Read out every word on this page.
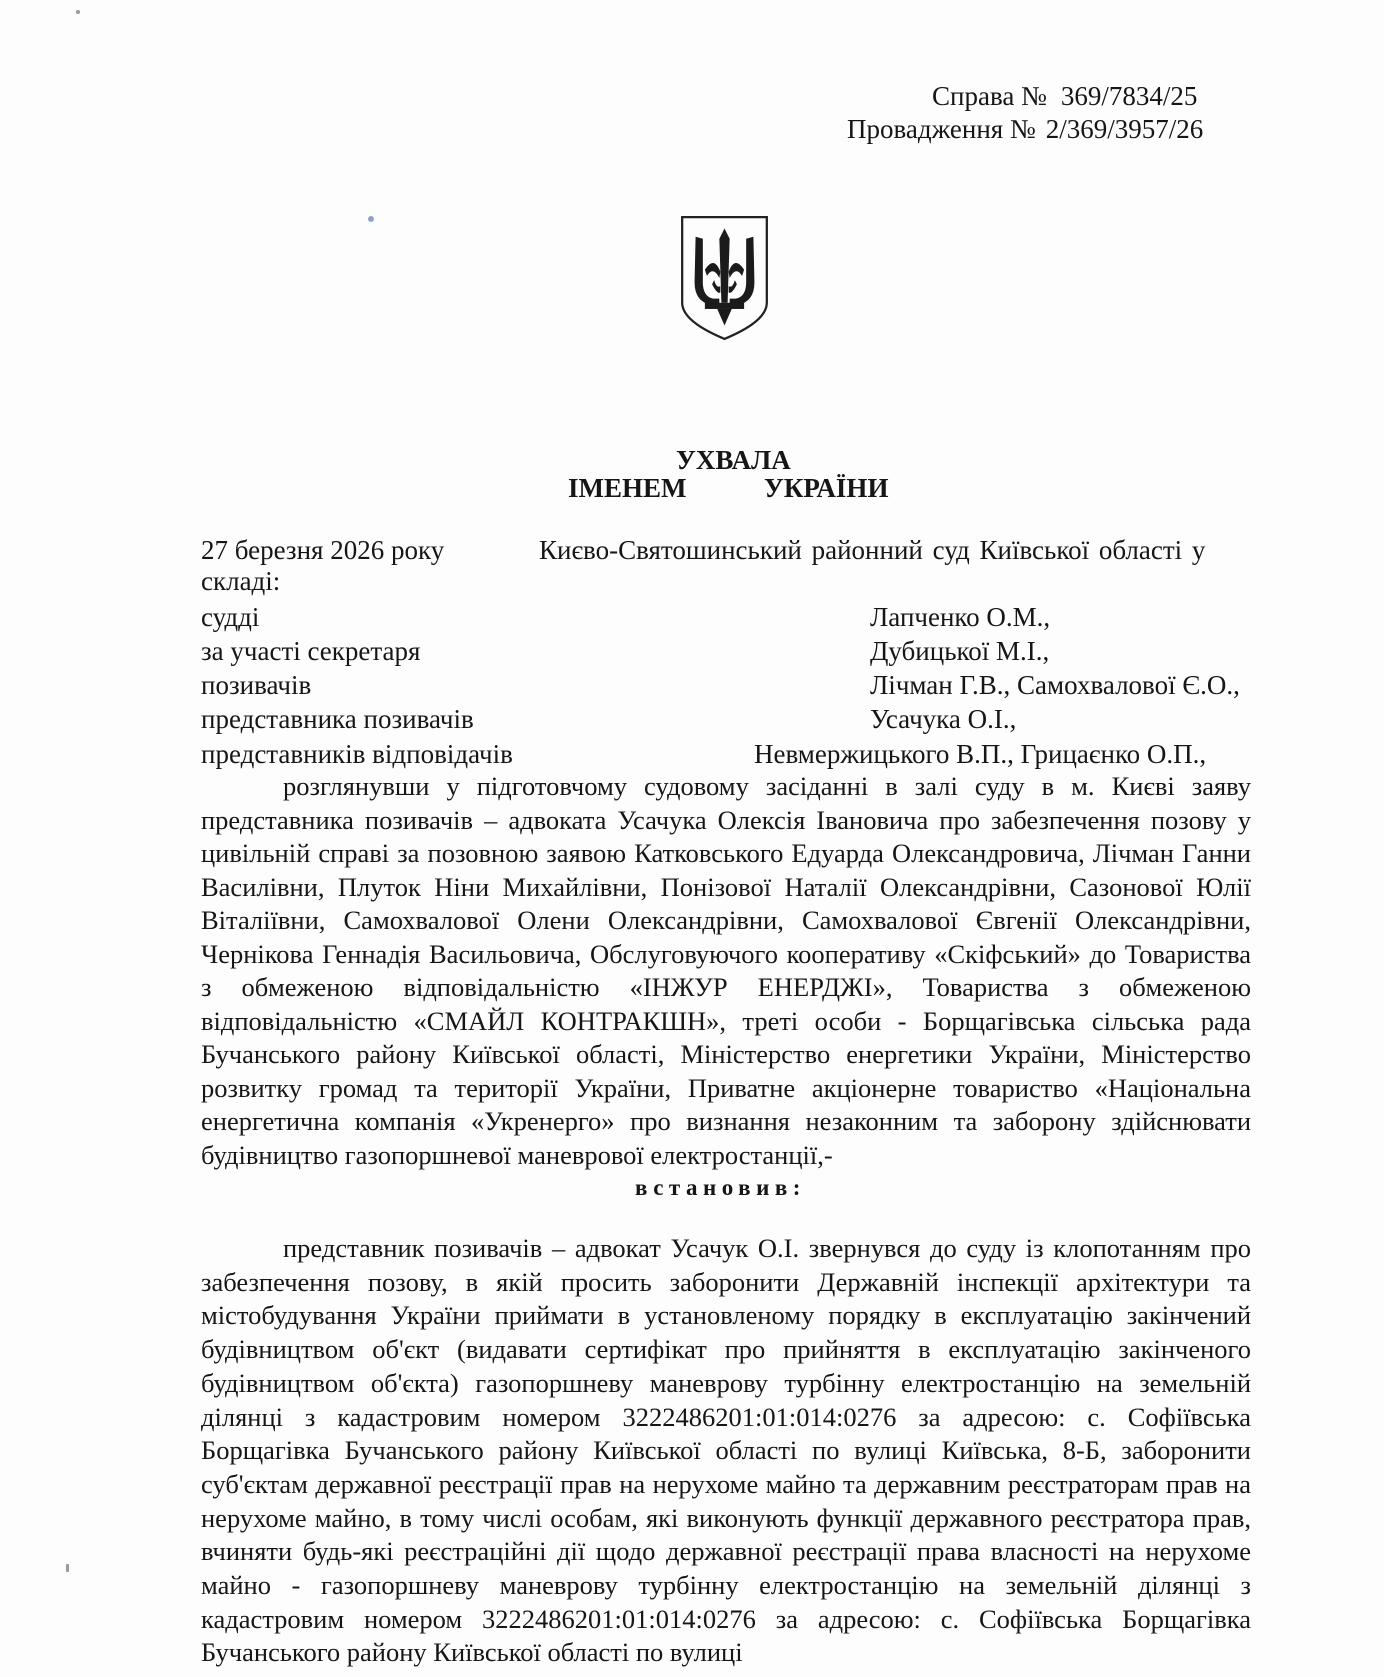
Справа № 369/7834/25
Провадження № 2/369/3957/26
УХВАЛА
ІМЕНЕМ	УКРАЇНИ
27 березня 2026 року	Києво-Святошинський районний суд Київської області у
складі:
судді	Лапченко О.М.,
за участі секретаря	Дубицької М.І.,
позивачів	Лічман Г.В., Самохвалової Є.О.,
представника позивачів	Усачука О.І.,
представників відповідачів	Невмержицького В.П., Грицаєнко О.П.,
розглянувши у підготовчому судовому засіданні в залі суду в м. Києві заяву представника позивачів – адвоката Усачука Олексія Івановича про забезпечення позову у цивільній справі за позовною заявою Катковського Едуарда Олександровича, Лічман Ганни Василівни, Плуток Ніни Михайлівни, Понізової Наталії Олександрівни, Сазонової Юлії Віталіївни, Самохвалової Олени Олександрівни, Самохвалової Євгенії Олександрівни, Чернікова Геннадія Васильовича, Обслуговуючого кооперативу «Скіфський» до Товариства з обмеженою відповідальністю «ІНЖУР ЕНЕРДЖІ», Товариства з обмеженою відповідальністю «СМАЙЛ КОНТРАКШН», треті особи - Борщагівська сільська рада Бучанського району Київської області, Міністерство енергетики України, Міністерство розвитку громад та території України, Приватне акціонерне товариство «Національна енергетична компанія «Укренерго» про визнання незаконним та заборону здійснювати будівництво газопоршневої маневрової електростанції,-
встановив:
представник позивачів – адвокат Усачук О.І. звернувся до суду із клопотанням про забезпечення позову, в якій просить заборонити Державній інспекції архітектури та містобудування України приймати в установленому порядку в експлуатацію закінчений будівництвом об'єкт (видавати сертифікат про прийняття в експлуатацію закінченого будівництвом об'єкта) газопоршневу маневрову турбінну електростанцію на земельній ділянці з кадастровим номером 3222486201:01:014:0276 за адресою: с. Софіївська Борщагівка Бучанського району Київської області по вулиці Київська, 8-Б, заборонити суб'єктам державної реєстрації прав на нерухоме майно та державним реєстраторам прав на нерухоме майно, в тому числі особам, які виконують функції державного реєстратора прав, вчиняти будь-які реєстраційні дії щодо державної реєстрації права власності на нерухоме майно - газопоршневу маневрову турбінну електростанцію на земельній ділянці з кадастровим номером 3222486201:01:014:0276 за адресою: с. Софіївська Борщагівка Бучанського району Київської області по вулиці
